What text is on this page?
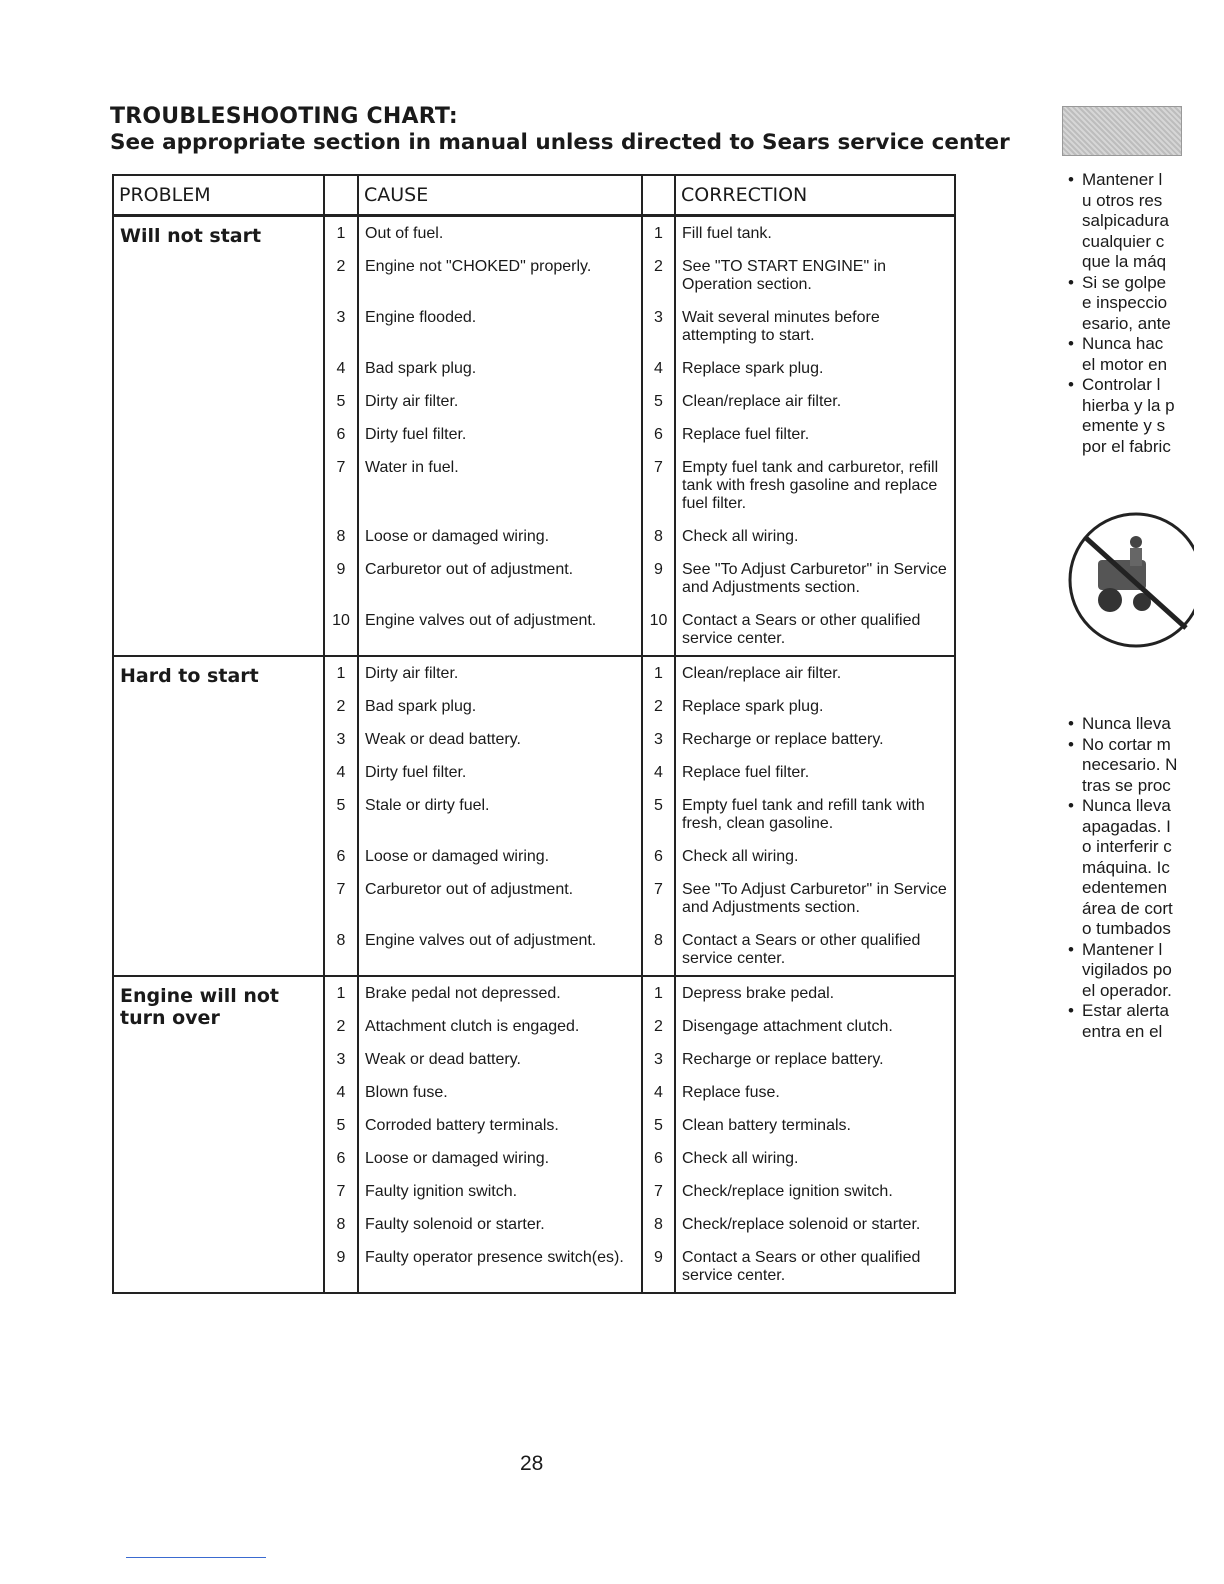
TROUBLESHOOTING CHART:
See appropriate section in manual unless directed to Sears service center
PROBLEM		CAUSE		CORRECTION
Will not start	1	Out of fuel.	1	Fill fuel tank.
	2	Engine not "CHOKED" properly.	2	See "TO START ENGINE" in Operation section.
	3	Engine flooded.	3	Wait several minutes before attempting to start.
	4	Bad spark plug.	4	Replace spark plug.
	5	Dirty air filter.	5	Clean/replace air filter.
	6	Dirty fuel filter.	6	Replace fuel filter.
	7	Water in fuel.	7	Empty fuel tank and carburetor, refill tank with fresh gasoline and replace fuel filter.
	8	Loose or damaged wiring.	8	Check all wiring.
	9	Carburetor out of adjustment.	9	See "To Adjust Carburetor" in Service and Adjustments section.
	10	Engine valves out of adjustment.	10	Contact a Sears or other qualified service center.
Hard to start	1	Dirty air filter.	1	Clean/replace air filter.
	2	Bad spark plug.	2	Replace spark plug.
	3	Weak or dead battery.	3	Recharge or replace battery.
	4	Dirty fuel filter.	4	Replace fuel filter.
	5	Stale or dirty fuel.	5	Empty fuel tank and refill tank with fresh, clean gasoline.
	6	Loose or damaged wiring.	6	Check all wiring.
	7	Carburetor out of adjustment.	7	See "To Adjust Carburetor" in Service and Adjustments section.
	8	Engine valves out of adjustment.	8	Contact a Sears or other qualified service center.
Engine will not turn over	1	Brake pedal not depressed.	1	Depress brake pedal.
	2	Attachment clutch is engaged.	2	Disengage attachment clutch.
	3	Weak or dead battery.	3	Recharge or replace battery.
	4	Blown fuse.	4	Replace fuse.
	5	Corroded battery terminals.	5	Clean battery terminals.
	6	Loose or damaged wiring.	6	Check all wiring.
	7	Faulty ignition switch.	7	Check/replace ignition switch.
	8	Faulty solenoid or starter.	8	Check/replace solenoid or starter.
	9	Faulty operator presence switch(es).	9	Contact a Sears or other qualified service center.
28
• Mantener l
u otros res
salpicadura
cualquier c
que la máq
• Si se golpe
e inspeccio
esario, ante
• Nunca hac
el motor en
• Controlar l
hierba y la p
emente y s
por el fabric
• Nunca lleva
• No cortar m
necesario. N
tras se proc
• Nunca lleva
apagadas. I
o interferir c
máquina. Ic
edentemen
área de cort
o tumbados
• Mantener l
vigilados po
el operador.
• Estar alerta
entra en el
